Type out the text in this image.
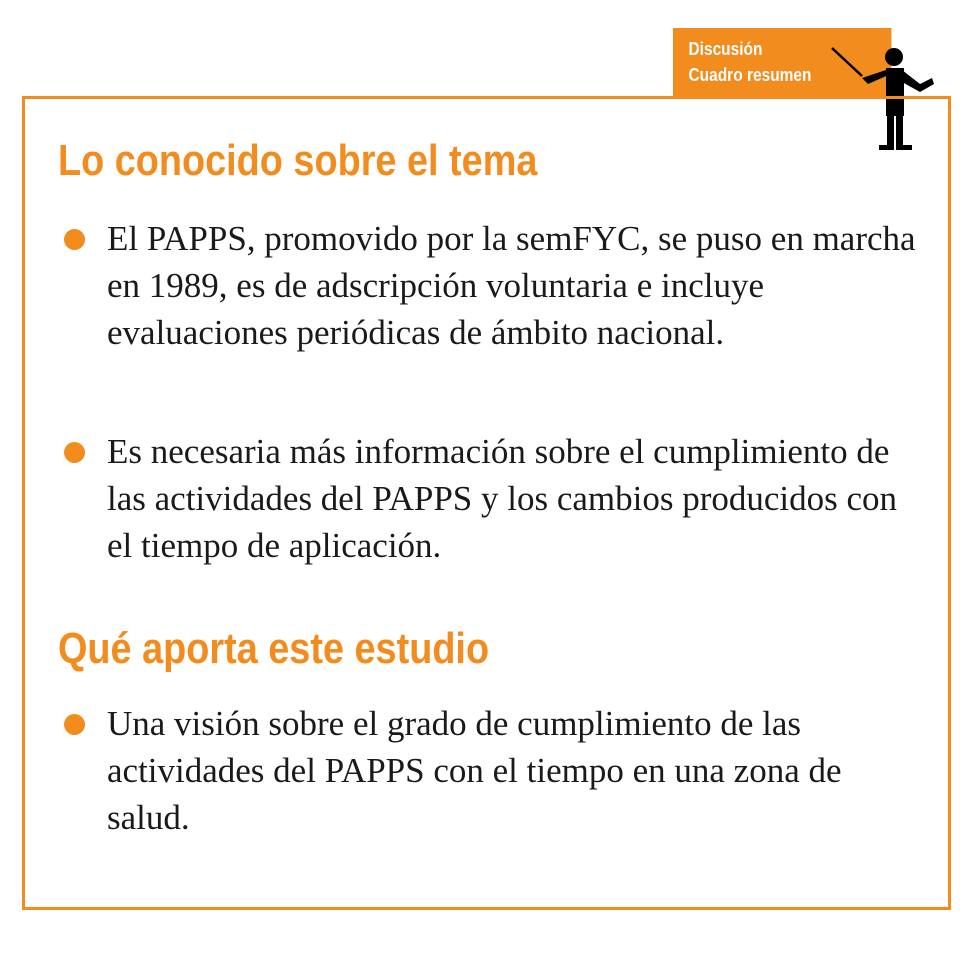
Discusión
Cuadro resumen
Lo conocido sobre el tema

El PAPPS, promovido por la semFYC, se puso en marcha en 1989, es de adscripción voluntaria e incluye evaluaciones periódicas de ámbito nacional.

Es necesaria más información sobre el cumplimiento de las actividades del PAPPS y los cambios producidos con el tiempo de aplicación.

Qué aporta este estudio

Una visión sobre el grado de cumplimiento de las actividades del PAPPS con el tiempo en una zona de salud.
